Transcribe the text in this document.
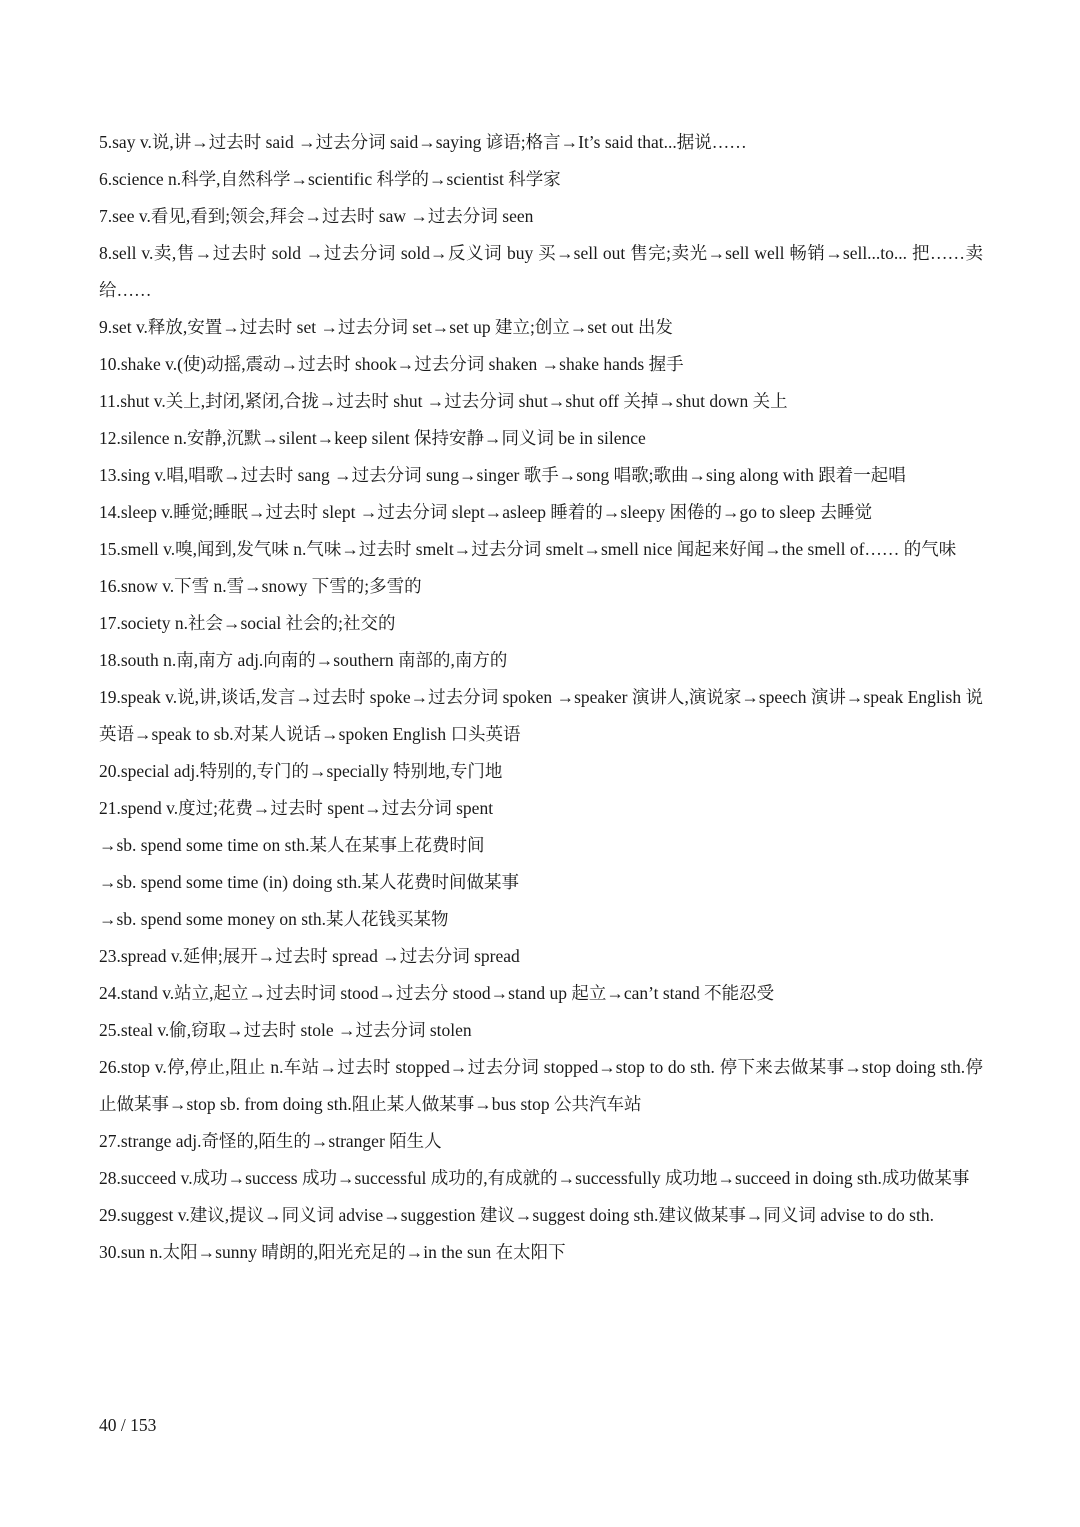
5.say v.说,讲→过去时 said →过去分词 said→saying 谚语;格言→It’s said that...据说……

6.science n.科学,自然科学→scientific 科学的→scientist 科学家

7.see v.看见,看到;领会,拜会→过去时 saw →过去分词 seen

8.sell v.卖,售→过去时 sold →过去分词 sold→反义词 buy 买→sell out 售完;卖光→sell well 畅销→sell...to... 把……卖给……

9.set v.释放,安置→过去时 set →过去分词 set→set up 建立;创立→set out 出发

10.shake v.(使)动摇,震动→过去时 shook→过去分词 shaken →shake hands 握手

11.shut v.关上,封闭,紧闭,合拢→过去时 shut →过去分词 shut→shut off 关掉→shut down 关上

12.silence n.安静,沉默→silent→keep silent 保持安静→同义词 be in silence

13.sing v.唱,唱歌→过去时 sang →过去分词 sung→singer 歌手→song 唱歌;歌曲→sing along with 跟着一起唱

14.sleep v.睡觉;睡眠→过去时 slept →过去分词 slept→asleep 睡着的→sleepy 困倦的→go to sleep 去睡觉

15.smell v.嗅,闻到,发气味 n.气味→过去时 smelt→过去分词 smelt→smell nice 闻起来好闻→the smell of…… 的气味

16.snow v.下雪 n.雪→snowy 下雪的;多雪的

17.society n.社会→social 社会的;社交的

18.south n.南,南方 adj.向南的→southern 南部的,南方的

19.speak v.说,讲,谈话,发言→过去时 spoke→过去分词 spoken →speaker 演讲人,演说家→speech 演讲→speak English 说英语→speak to sb.对某人说话→spoken English 口头英语

20.special adj.特别的,专门的→specially 特别地,专门地

21.spend v.度过;花费→过去时 spent→过去分词 spent

→sb. spend some time on sth.某人在某事上花费时间

→sb. spend some time (in) doing sth.某人花费时间做某事

→sb. spend some money on sth.某人花钱买某物

23.spread v.延伸;展开→过去时 spread →过去分词 spread

24.stand v.站立,起立→过去时词 stood→过去分 stood→stand up 起立→can’t stand 不能忍受

25.steal v.偷,窃取→过去时 stole →过去分词 stolen

26.stop v.停,停止,阻止 n.车站→过去时 stopped→过去分词 stopped→stop to do sth. 停下来去做某事→stop doing sth.停止做某事→stop sb. from doing sth.阻止某人做某事→bus stop 公共汽车站

27.strange adj.奇怪的,陌生的→stranger 陌生人

28.succeed v.成功→success 成功→successful 成功的,有成就的→successfully 成功地→succeed in doing sth.成功做某事

29.suggest v.建议,提议→同义词 advise→suggestion 建议→suggest doing sth.建议做某事→同义词 advise to do sth.

30.sun n.太阳→sunny 晴朗的,阳光充足的→in the sun 在太阳下

40 / 153
